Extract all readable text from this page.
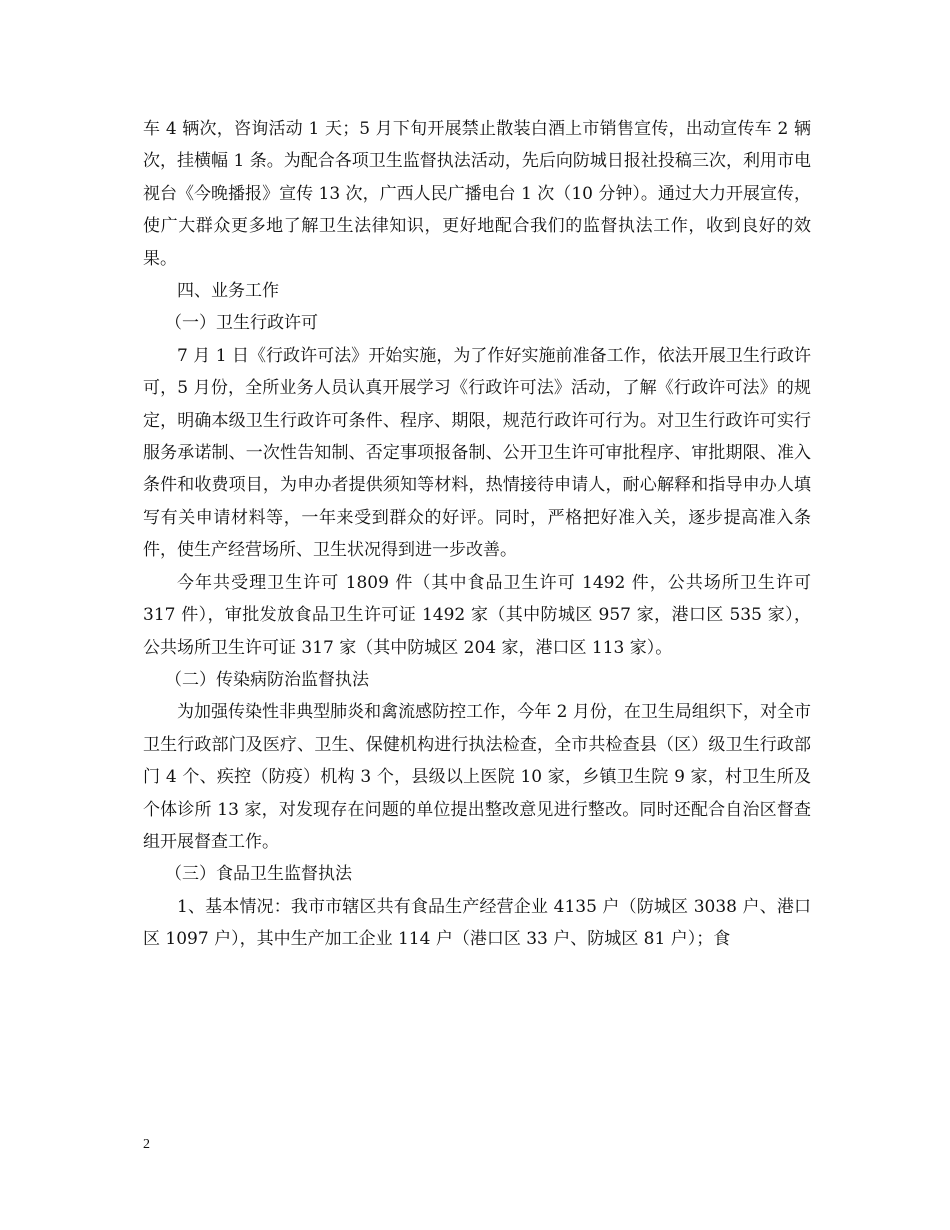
车 4 辆次，咨询活动 1 天；5 月下旬开展禁止散装白酒上市销售宣传，出动宣传车 2 辆次，挂横幅 1 条。为配合各项卫生监督执法活动，先后向防城日报社投稿三次，利用市电视台《今晚播报》宣传 13 次，广西人民广播电台 1 次（10 分钟）。通过大力开展宣传，使广大群众更多地了解卫生法律知识，更好地配合我们的监督执法工作，收到良好的效果。

四、业务工作

（一）卫生行政许可

7 月 1 日《行政许可法》开始实施，为了作好实施前准备工作，依法开展卫生行政许可，5 月份，全所业务人员认真开展学习《行政许可法》活动，了解《行政许可法》的规定，明确本级卫生行政许可条件、程序、期限，规范行政许可行为。对卫生行政许可实行服务承诺制、一次性告知制、否定事项报备制、公开卫生许可审批程序、审批期限、准入条件和收费项目，为申办者提供须知等材料，热情接待申请人，耐心解释和指导申办人填写有关申请材料等，一年来受到群众的好评。同时，严格把好准入关，逐步提高准入条件，使生产经营场所、卫生状况得到进一步改善。

今年共受理卫生许可 1809 件（其中食品卫生许可 1492 件，公共场所卫生许可 317 件），审批发放食品卫生许可证 1492 家（其中防城区 957 家，港口区 535 家），公共场所卫生许可证 317 家（其中防城区 204 家，港口区 113 家）。

（二）传染病防治监督执法

为加强传染性非典型肺炎和禽流感防控工作，今年 2 月份，在卫生局组织下，对全市卫生行政部门及医疗、卫生、保健机构进行执法检查，全市共检查县（区）级卫生行政部门 4 个、疾控（防疫）机构 3 个，县级以上医院 10 家，乡镇卫生院 9 家，村卫生所及个体诊所 13 家，对发现存在问题的单位提出整改意见进行整改。同时还配合自治区督查组开展督查工作。

（三）食品卫生监督执法

1、基本情况：我市市辖区共有食品生产经营企业 4135 户（防城区 3038 户、港口区 1097 户），其中生产加工企业 114 户（港口区 33 户、防城区 81 户）；食

2
